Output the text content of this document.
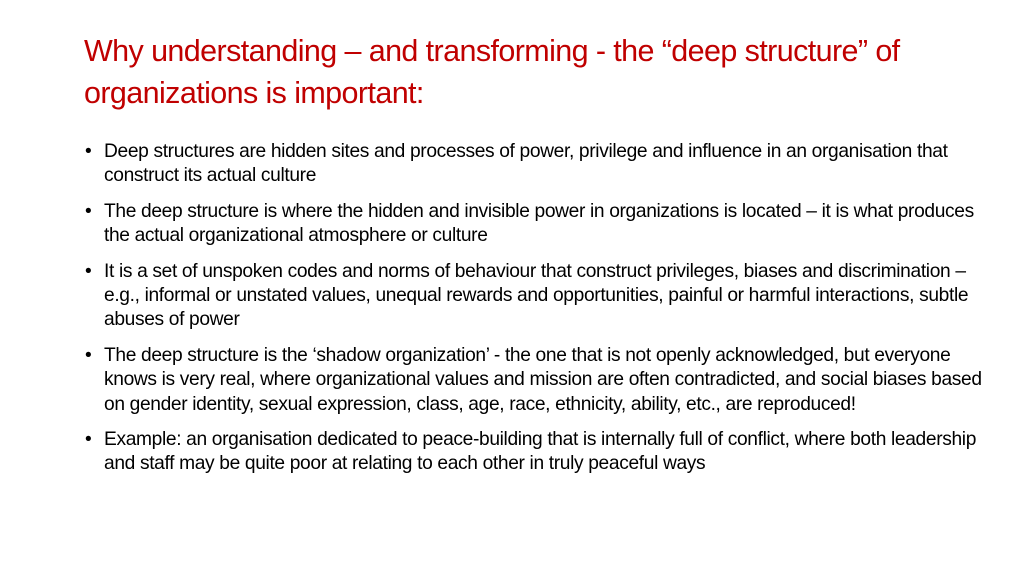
Why understanding – and transforming - the “deep structure” of organizations is important:
• Deep structures are hidden sites and processes of power, privilege and influence in an organisation that construct its actual culture
• The deep structure is where the hidden and invisible power in organizations is located – it is what produces the actual organizational atmosphere or culture
• It is a set of unspoken codes and norms of behaviour that construct privileges, biases and discrimination – e.g., informal or unstated values, unequal rewards and opportunities, painful or harmful interactions, subtle abuses of power
• The deep structure is the ‘shadow organization’ - the one that is not openly acknowledged, but everyone knows is very real, where organizational values and mission are often contradicted, and social biases based on gender identity, sexual expression, class, age, race, ethnicity, ability, etc., are reproduced!
• Example: an organisation dedicated to peace-building that is internally full of conflict, where both leadership and staff may be quite poor at relating to each other in truly peaceful ways
